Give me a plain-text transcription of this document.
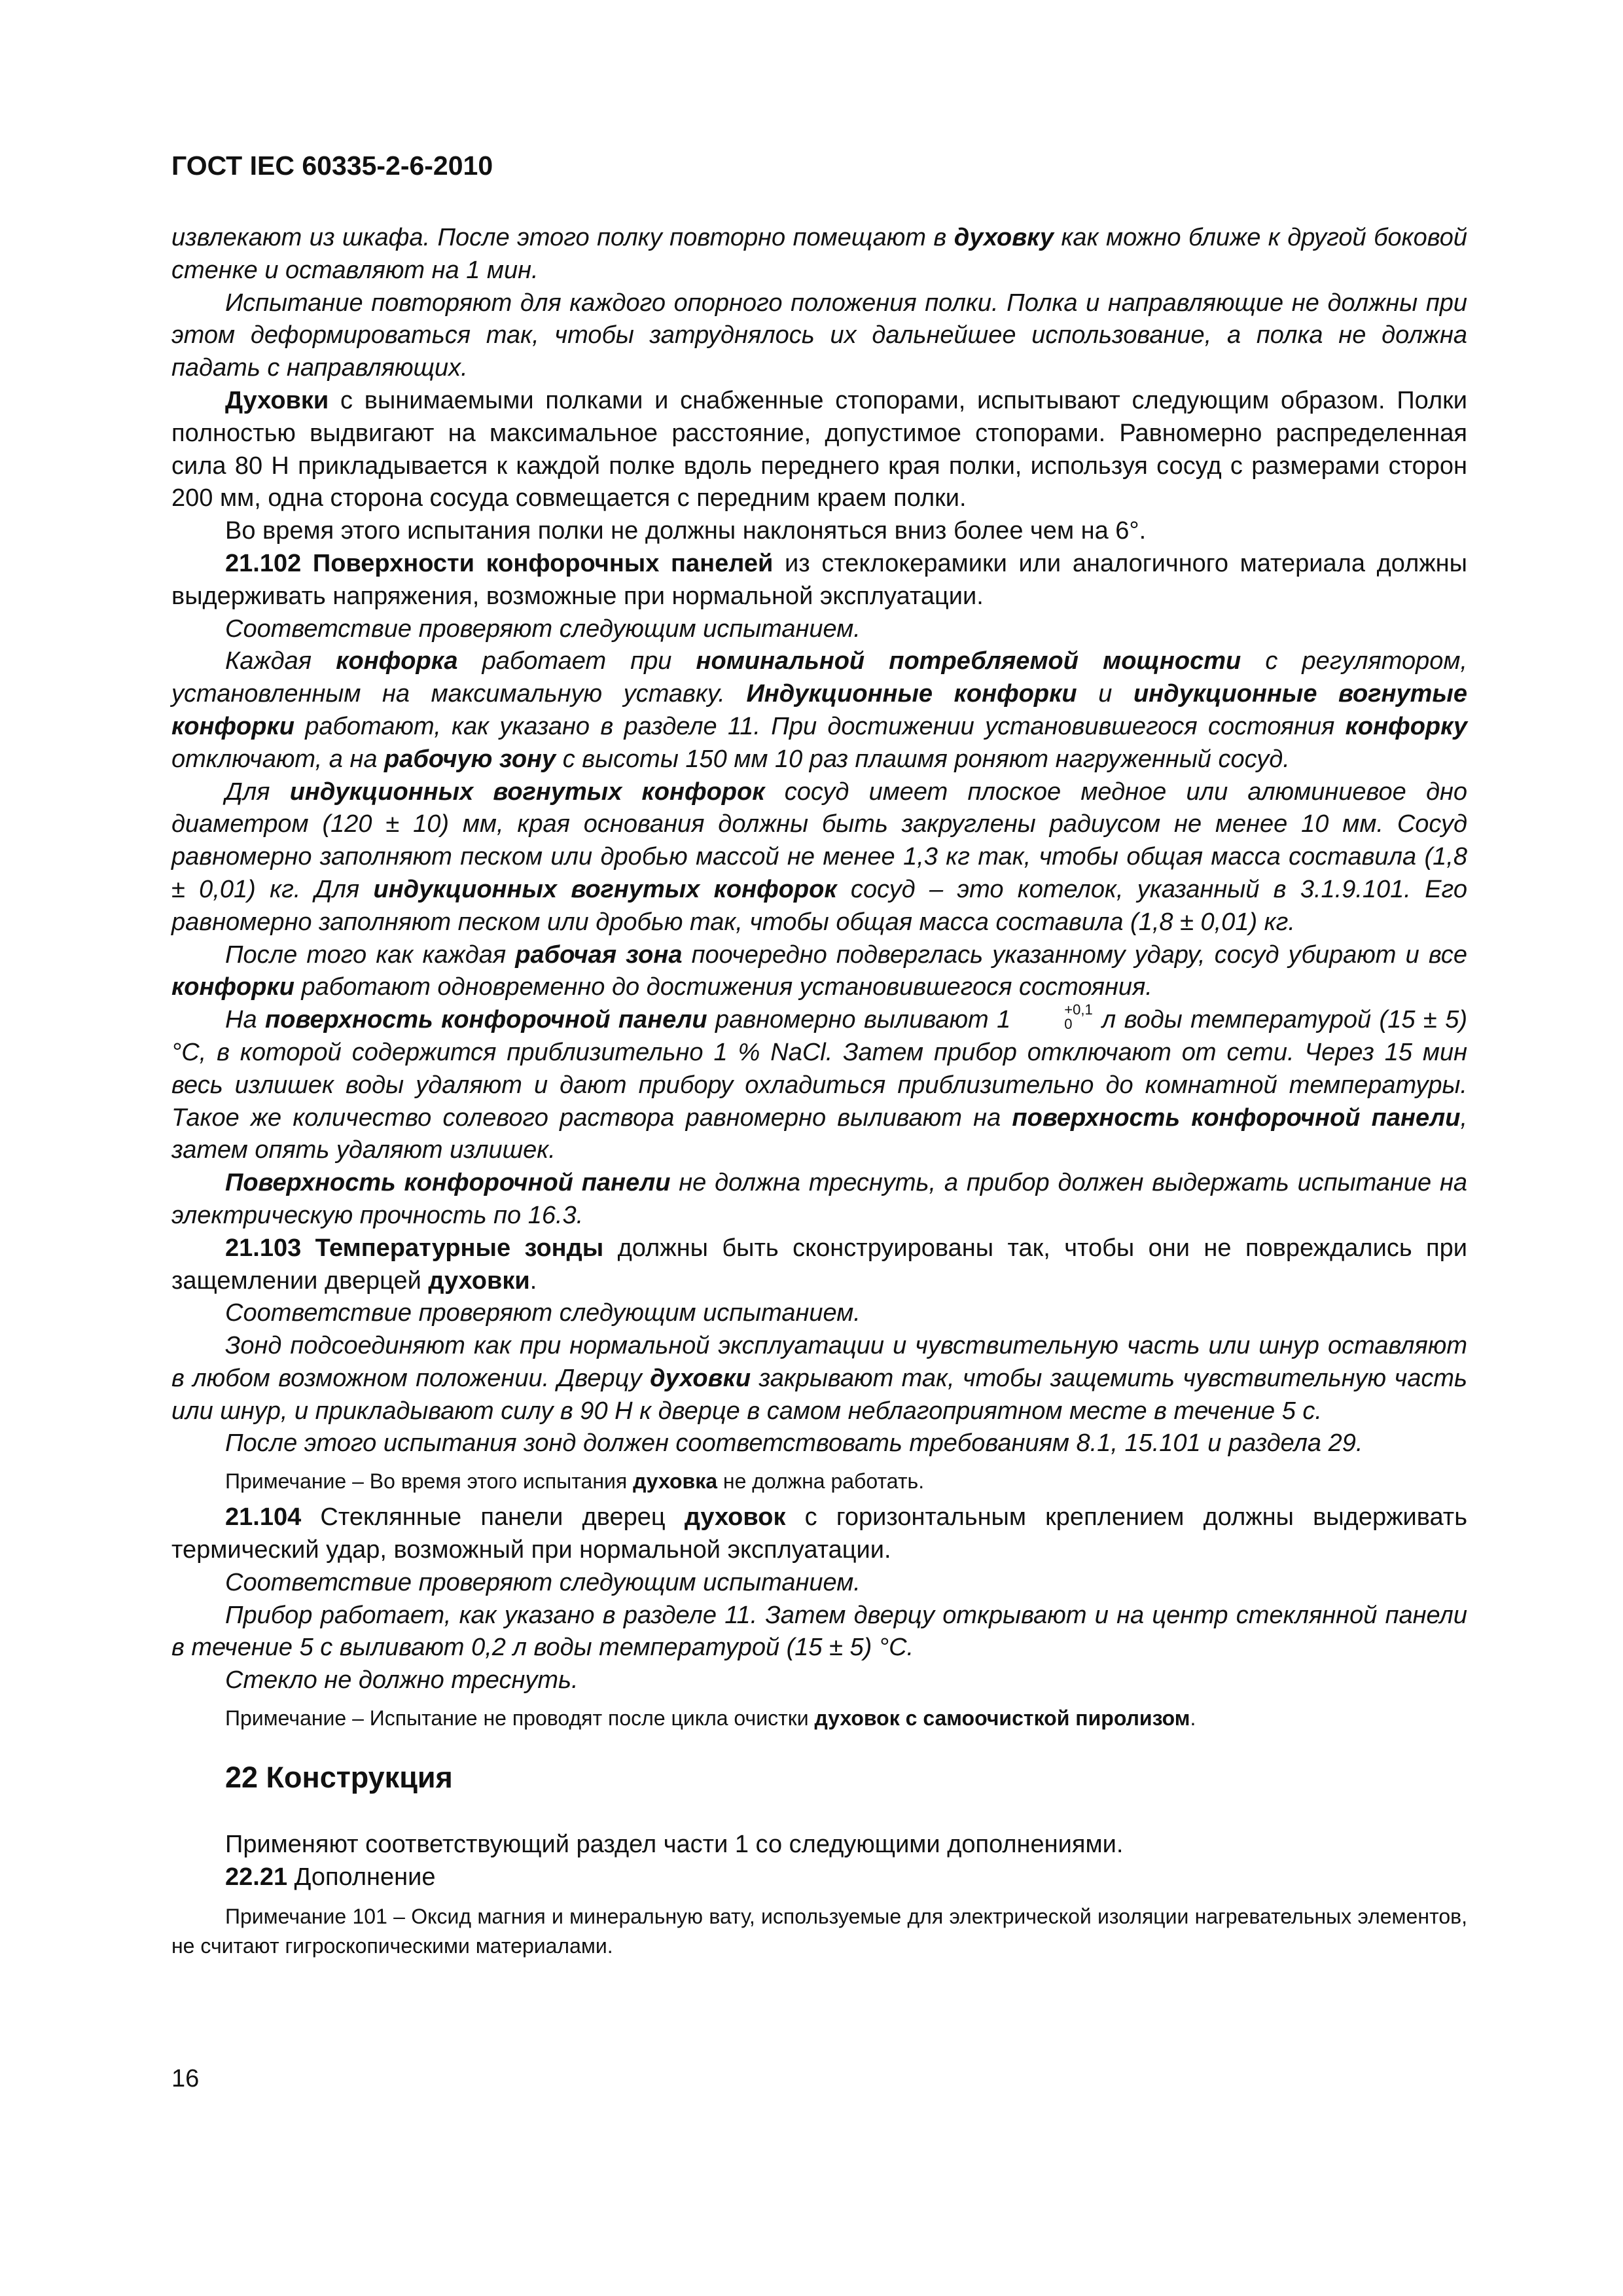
ГОСТ IEC 60335-2-6-2010

извлекают из шкафа. После этого полку повторно помещают в духовку как можно ближе к другой боковой стенке и оставляют на 1 мин.

Испытание повторяют для каждого опорного положения полки. Полка и направляющие не должны при этом деформироваться так, чтобы затруднялось их дальнейшее использование, а полка не должна падать с направляющих.

Духовки с вынимаемыми полками и снабженные стопорами, испытывают следующим образом. Полки полностью выдвигают на максимальное расстояние, допустимое стопорами. Равномерно распределенная сила 80 Н прикладывается к каждой полке вдоль переднего края полки, используя сосуд с размерами сторон 200 мм, одна сторона сосуда совмещается с передним краем полки.

Во время этого испытания полки не должны наклоняться вниз более чем на 6°.

21.102 Поверхности конфорочных панелей из стеклокерамики или аналогичного материала должны выдерживать напряжения, возможные при нормальной эксплуатации.

Соответствие проверяют следующим испытанием.

Каждая конфорка работает при номинальной потребляемой мощности с регулятором, установленным на максимальную уставку. Индукционные конфорки и индукционные вогнутые конфорки работают, как указано в разделе 11. При достижении установившегося состояния конфорку отключают, а на рабочую зону с высоты 150 мм 10 раз плашмя роняют нагруженный сосуд.

Для индукционных вогнутых конфорок сосуд имеет плоское медное или алюминиевое дно диаметром (120 ± 10) мм, края основания должны быть закруглены радиусом не менее 10 мм. Сосуд равномерно заполняют песком или дробью массой не менее 1,3 кг так, чтобы общая масса составила (1,8 ± 0,01) кг. Для индукционных вогнутых конфорок сосуд – это котелок, указанный в 3.1.9.101. Его равномерно заполняют песком или дробью так, чтобы общая масса составила (1,8 ± 0,01) кг.

После того как каждая рабочая зона поочередно подверглась указанному удару, сосуд убирают и все конфорки работают одновременно до достижения установившегося состояния.

На поверхность конфорочной панели равномерно выливают 1	+0,1
0	л воды температурой (15 ± 5) °С, в которой содержится приблизительно 1 % NaCl. Затем прибор отключают от сети. Через 15 мин весь излишек воды удаляют и дают прибору охладиться приблизительно до комнатной температуры. Такое же количество солевого раствора равномерно выливают на поверхность конфорочной панели, затем опять удаляют излишек.

Поверхность конфорочной панели не должна треснуть, а прибор должен выдержать испытание на электрическую прочность по 16.3.

21.103 Температурные зонды должны быть сконструированы так, чтобы они не повреждались при защемлении дверцей духовки.

Соответствие проверяют следующим испытанием.

Зонд подсоединяют как при нормальной эксплуатации и чувствительную часть или шнур оставляют в любом возможном положении. Дверцу духовки закрывают так, чтобы защемить чувствительную часть или шнур, и прикладывают силу в 90 Н к дверце в самом неблагоприятном месте в течение 5 с.

После этого испытания зонд должен соответствовать требованиям 8.1, 15.101 и раздела 29.

Примечание – Во время этого испытания духовка не должна работать.

21.104 Стеклянные панели дверец духовок с горизонтальным креплением должны выдерживать термический удар, возможный при нормальной эксплуатации.

Соответствие проверяют следующим испытанием.

Прибор работает, как указано в разделе 11. Затем дверцу открывают и на центр стеклянной панели в течение 5 с выливают 0,2 л воды температурой (15 ± 5) °С.

Стекло не должно треснуть.

Примечание – Испытание не проводят после цикла очистки духовок с самоочисткой пиролизом.
22 Конструкция

Применяют соответствующий раздел части 1 со следующими дополнениями.

22.21 Дополнение

Примечание 101 – Оксид магния и минеральную вату, используемые для электрической изоляции нагревательных элементов, не считают гигроскопическими материалами.
16
